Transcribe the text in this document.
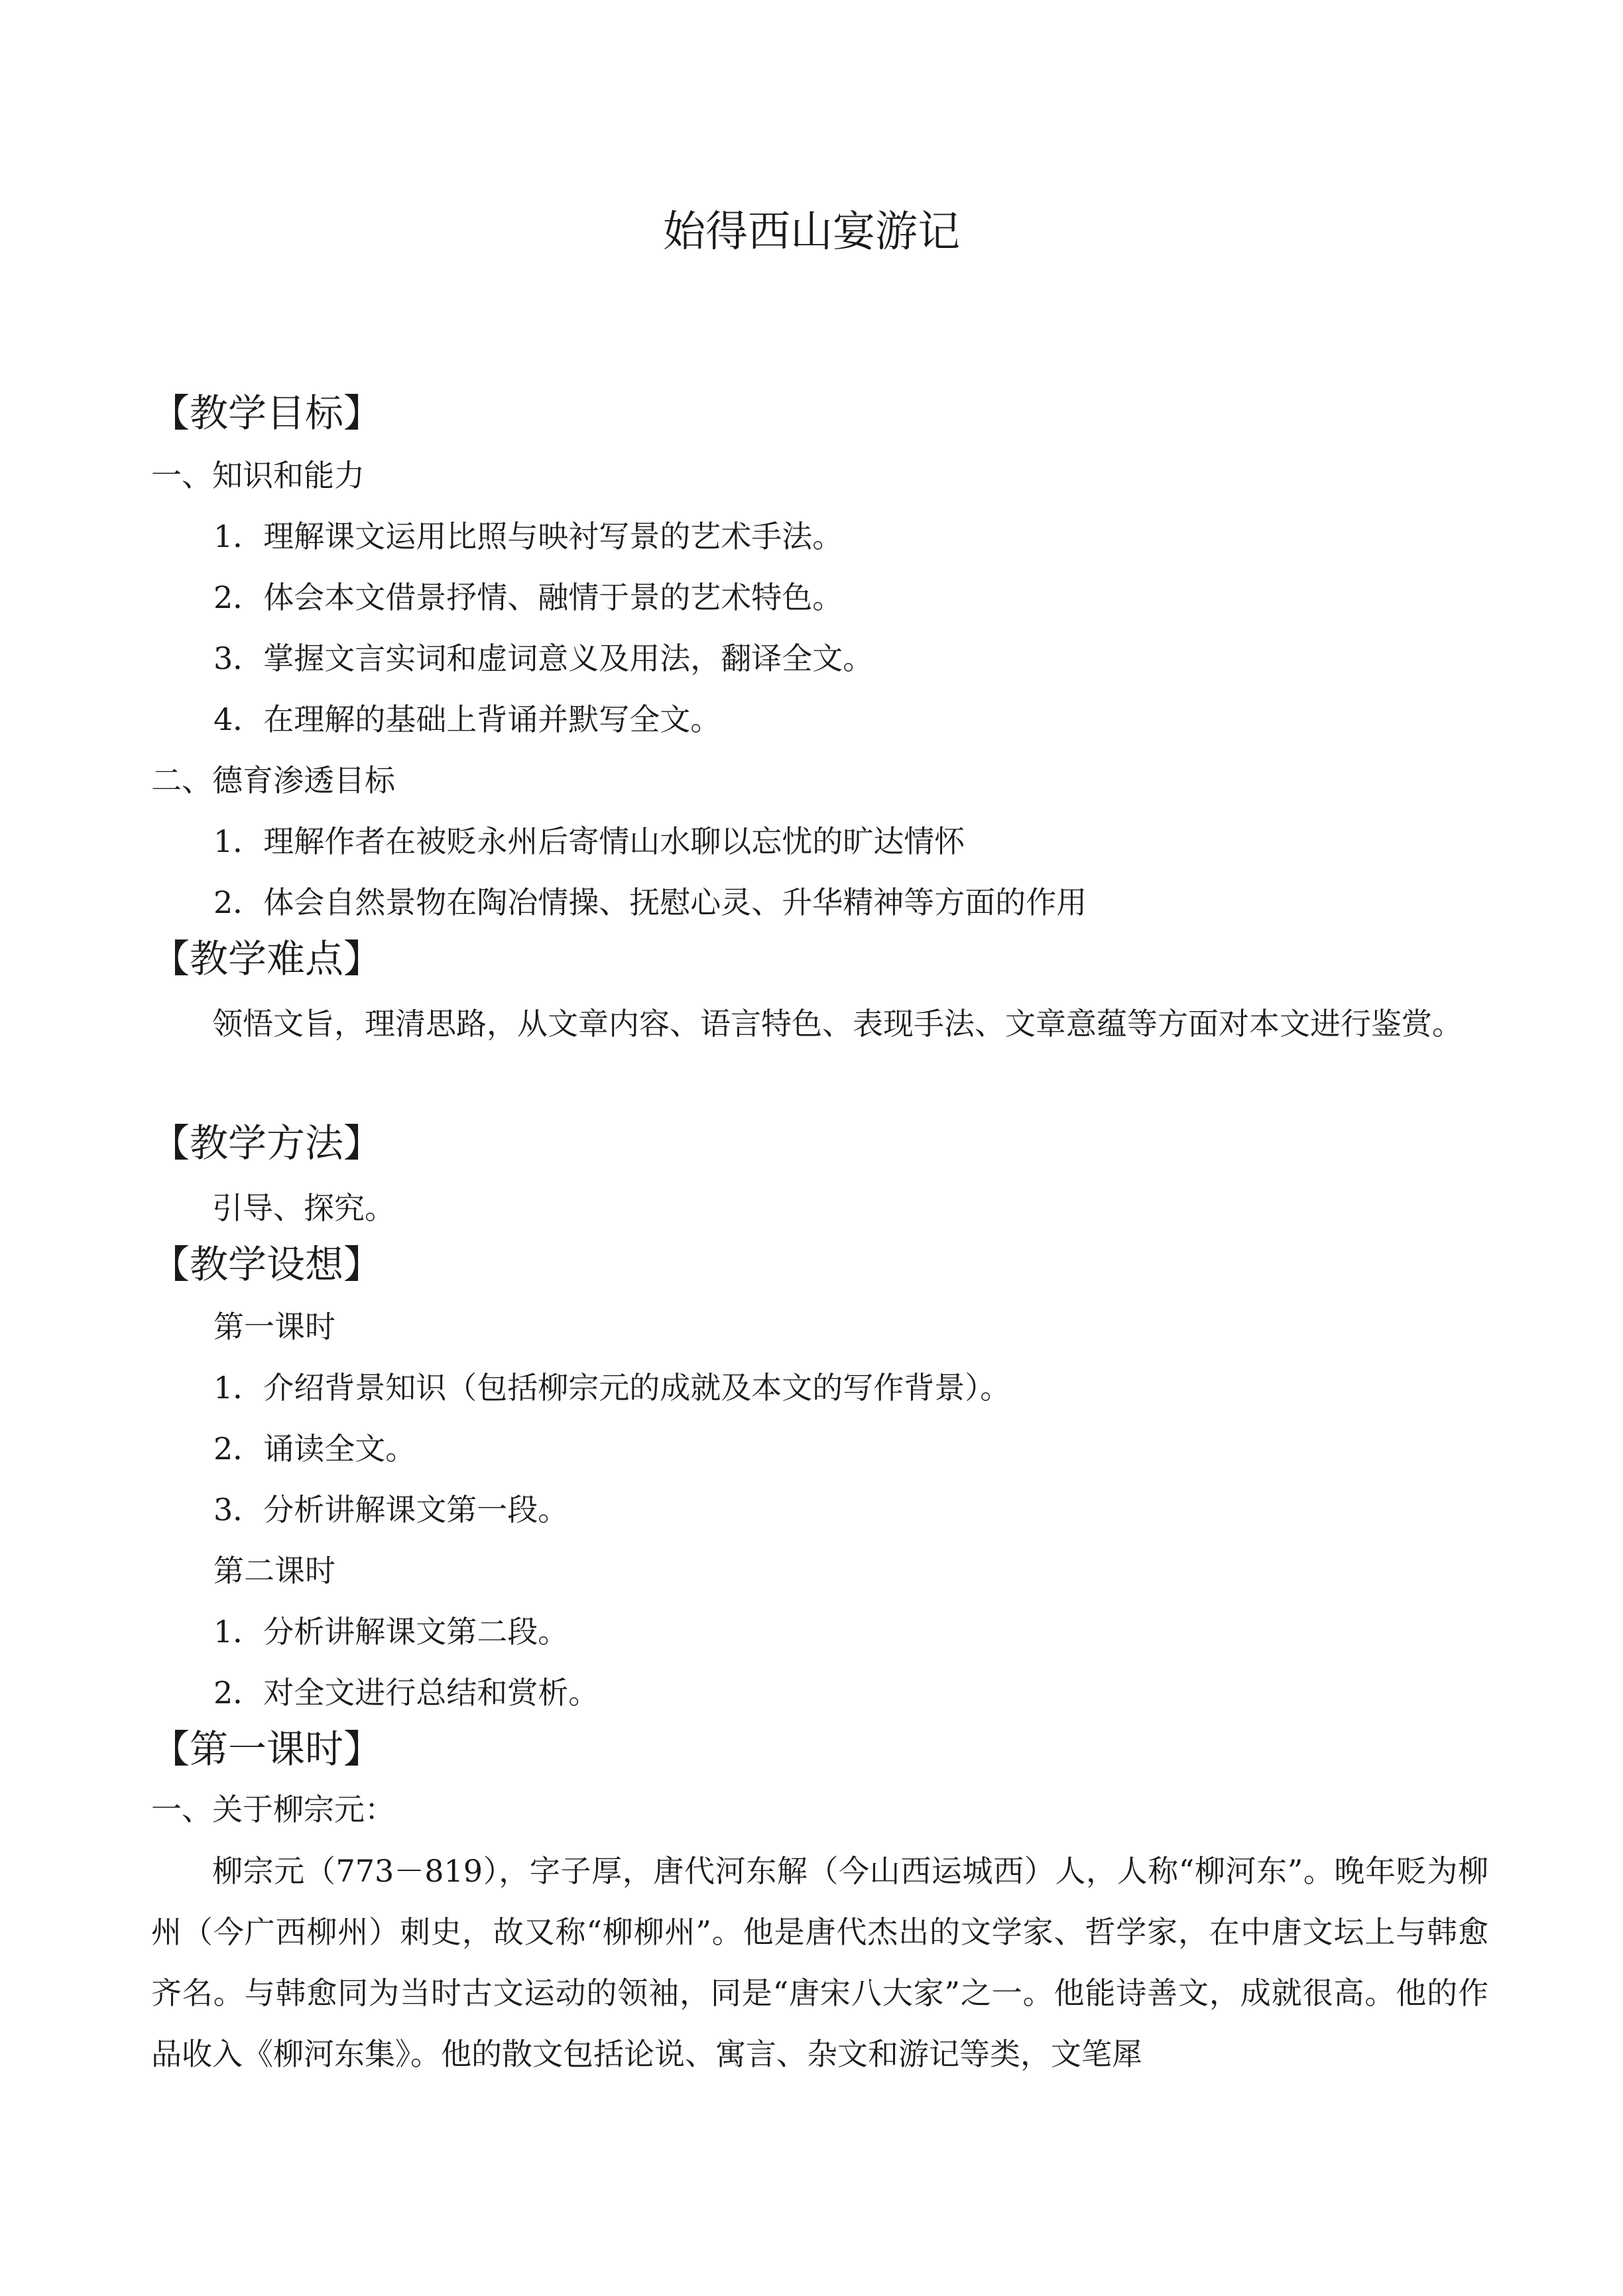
始得西山宴游记
【教学目标】
一、知识和能力
1．理解课文运用比照与映衬写景的艺术手法。
2．体会本文借景抒情、融情于景的艺术特色。
3．掌握文言实词和虚词意义及用法，翻译全文。
4．在理解的基础上背诵并默写全文。
二、德育渗透目标
1．理解作者在被贬永州后寄情山水聊以忘忧的旷达情怀
2．体会自然景物在陶冶情操、抚慰心灵、升华精神等方面的作用
【教学难点】

领悟文旨，理清思路，从文章内容、语言特色、表现手法、文章意蕴等方面对本文进行鉴赏。

【教学方法】

引导、探究。

【教学设想】
第一课时
1．介绍背景知识（包括柳宗元的成就及本文的写作背景）。
2．诵读全文。
3．分析讲解课文第一段。
第二课时
1．分析讲解课文第二段。
2．对全文进行总结和赏析。
【第一课时】
一、关于柳宗元：

柳宗元（773－819），字子厚，唐代河东解（今山西运城西）人，人称“柳河东”。晚年贬为柳州（今广西柳州）刺史，故又称“柳柳州”。他是唐代杰出的文学家、哲学家，在中唐文坛上与韩愈齐名。与韩愈同为当时古文运动的领袖，同是“唐宋八大家”之一。他能诗善文，成就很高。他的作品收入《柳河东集》。他的散文包括论说、寓言、杂文和游记等类，文笔犀
